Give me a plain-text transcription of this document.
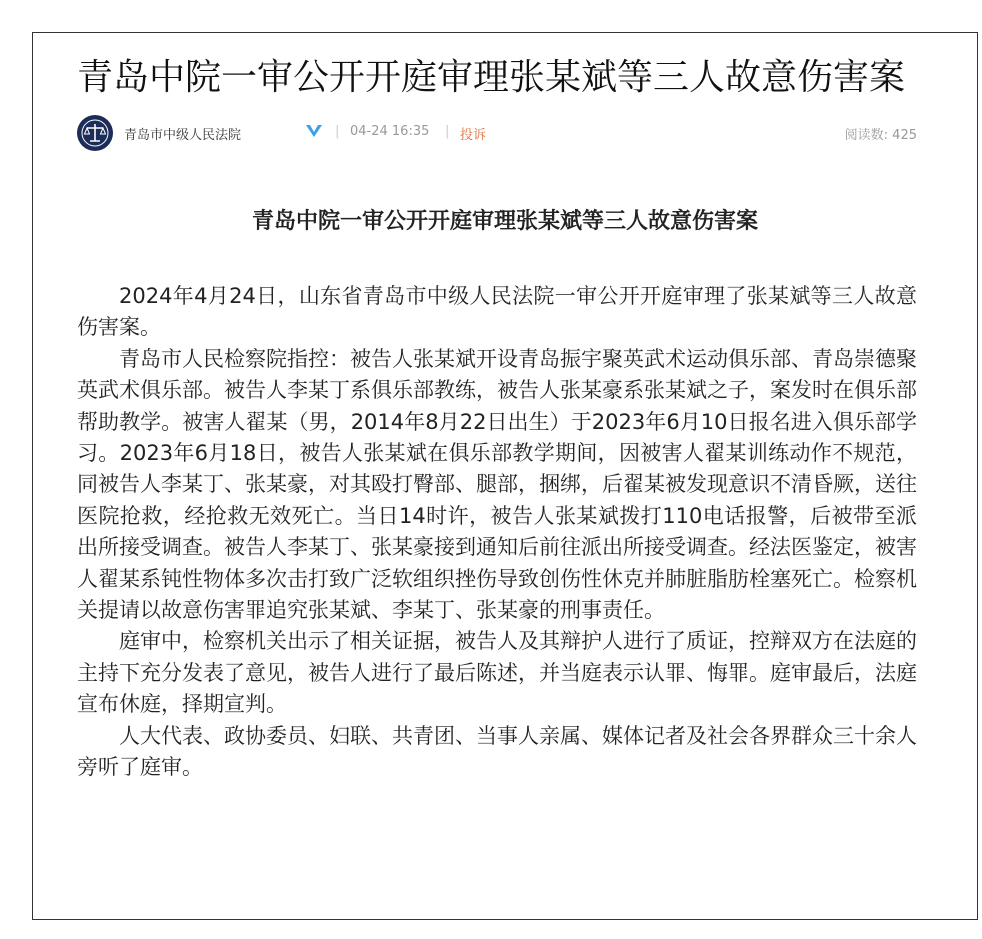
青岛中院一审公开开庭审理张某斌等三人故意伤害案
青岛市中级人民法院	| 04-24 16:35 | 投诉	阅读数: 425
青岛中院一审公开开庭审理张某斌等三人故意伤害案

2024年4月24日，山东省青岛市中级人民法院一审公开开庭审理了张某斌等三人故意伤害案。

青岛市人民检察院指控：被告人张某斌开设青岛振宇聚英武术运动俱乐部、青岛崇德聚英武术俱乐部。被告人李某丁系俱乐部教练，被告人张某豪系张某斌之子，案发时在俱乐部帮助教学。被害人翟某（男，2014年8月22日出生）于2023年6月10日报名进入俱乐部学习。2023年6月18日，被告人张某斌在俱乐部教学期间，因被害人翟某训练动作不规范，同被告人李某丁、张某豪，对其殴打臀部、腿部，捆绑，后翟某被发现意识不清昏厥，送往医院抢救，经抢救无效死亡。当日14时许，被告人张某斌拨打110电话报警，后被带至派出所接受调查。被告人李某丁、张某豪接到通知后前往派出所接受调查。经法医鉴定，被害人翟某系钝性物体多次击打致广泛软组织挫伤导致创伤性休克并肺脏脂肪栓塞死亡。检察机关提请以故意伤害罪追究张某斌、李某丁、张某豪的刑事责任。

庭审中，检察机关出示了相关证据，被告人及其辩护人进行了质证，控辩双方在法庭的主持下充分发表了意见，被告人进行了最后陈述，并当庭表示认罪、悔罪。庭审最后，法庭宣布休庭，择期宣判。

人大代表、政协委员、妇联、共青团、当事人亲属、媒体记者及社会各界群众三十余人旁听了庭审。
